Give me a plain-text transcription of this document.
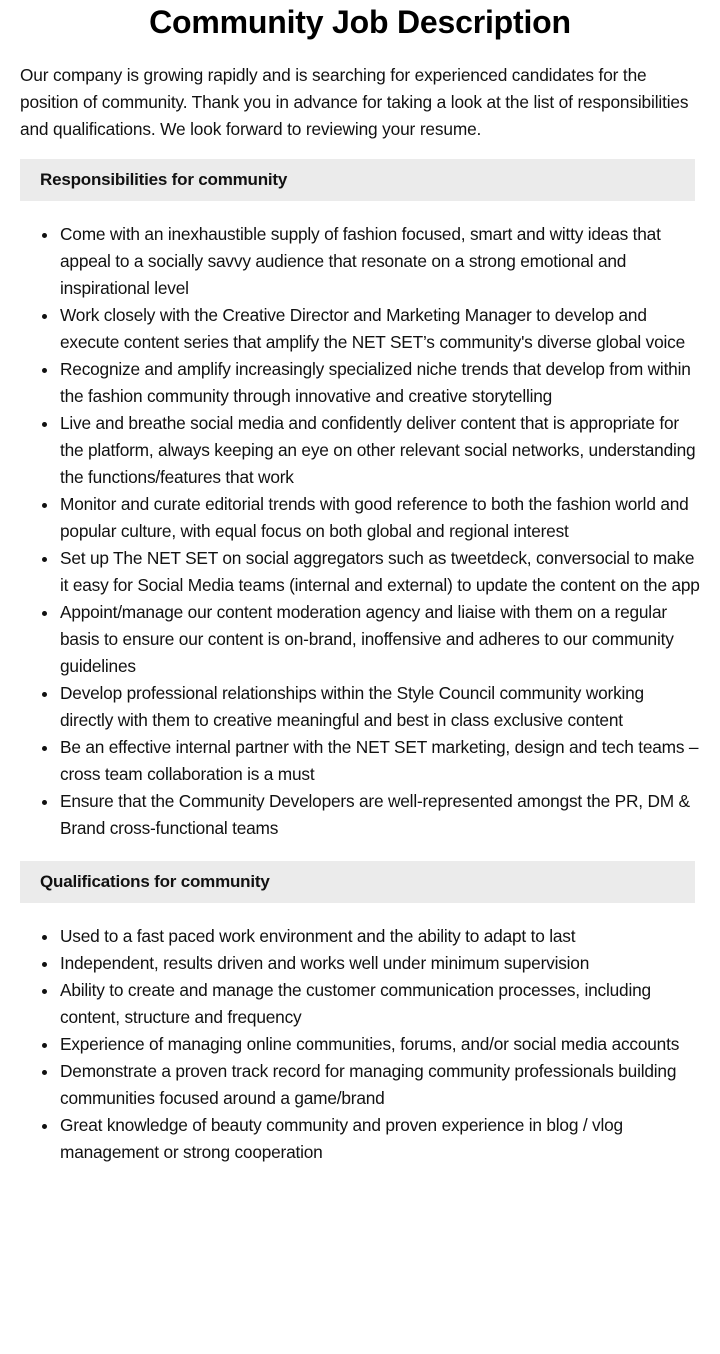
Community Job Description

Our company is growing rapidly and is searching for experienced candidates for the position of community. Thank you in advance for taking a look at the list of responsibilities and qualifications. We look forward to reviewing your resume.

Responsibilities for community
Come with an inexhaustible supply of fashion focused, smart and witty ideas that appeal to a socially savvy audience that resonate on a strong emotional and inspirational level
Work closely with the Creative Director and Marketing Manager to develop and execute content series that amplify the NET SET’s community's diverse global voice
Recognize and amplify increasingly specialized niche trends that develop from within the fashion community through innovative and creative storytelling
Live and breathe social media and confidently deliver content that is appropriate for the platform, always keeping an eye on other relevant social networks, understanding the functions/features that work
Monitor and curate editorial trends with good reference to both the fashion world and popular culture, with equal focus on both global and regional interest
Set up The NET SET on social aggregators such as tweetdeck, conversocial to make it easy for Social Media teams (internal and external) to update the content on the app
Appoint/manage our content moderation agency and liaise with them on a regular basis to ensure our content is on-brand, inoffensive and adheres to our community guidelines
Develop professional relationships within the Style Council community working directly with them to creative meaningful and best in class exclusive content
Be an effective internal partner with the NET SET marketing, design and tech teams – cross team collaboration is a must
Ensure that the Community Developers are well-represented amongst the PR, DM & Brand cross-functional teams
Qualifications for community
Used to a fast paced work environment and the ability to adapt to last
Independent, results driven and works well under minimum supervision
Ability to create and manage the customer communication processes, including content, structure and frequency
Experience of managing online communities, forums, and/or social media accounts
Demonstrate a proven track record for managing community professionals building communities focused around a game/brand
Great knowledge of beauty community and proven experience in blog / vlog management or strong cooperation
